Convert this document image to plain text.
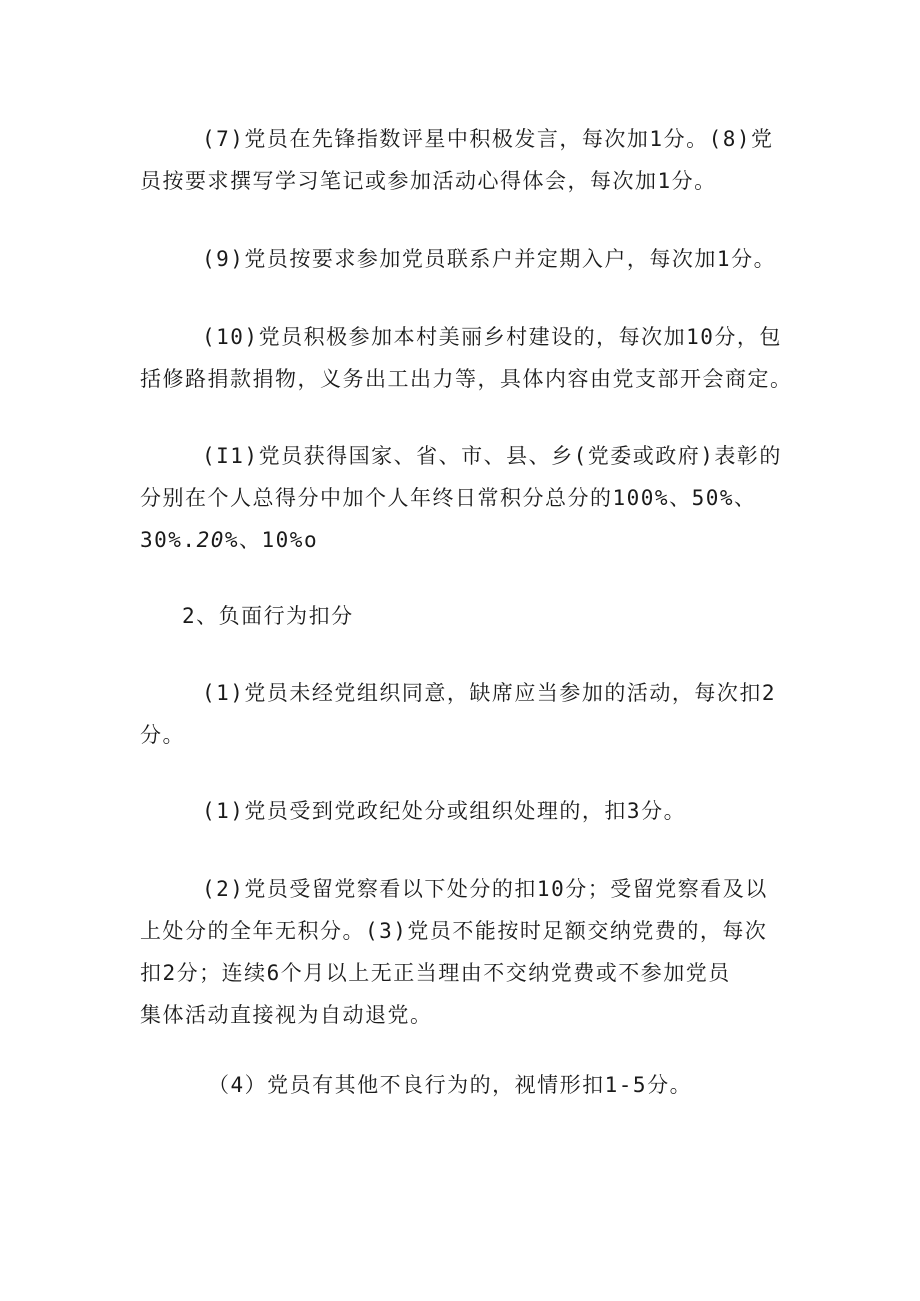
(7)党员在先锋指数评星中积极发言，每次加1分。(8)党
员按要求撰写学习笔记或参加活动心得体会，每次加1分。
(9)党员按要求参加党员联系户并定期入户，每次加1分。
(10)党员积极参加本村美丽乡村建设的，每次加10分，包
括修路捐款捐物，义务出工出力等，具体内容由党支部开会商定。
(I1)党员获得国家、省、市、县、乡(党委或政府)表彰的
分别在个人总得分中加个人年终日常积分总分的100%、50%、
30%.20%、10%o
2、负面行为扣分
(1)党员未经党组织同意，缺席应当参加的活动，每次扣2
分。
(1)党员受到党政纪处分或组织处理的，扣3分。
(2)党员受留党察看以下处分的扣10分；受留党察看及以
上处分的全年无积分。(3)党员不能按时足额交纳党费的，每次
扣2分；连续6个月以上无正当理由不交纳党费或不参加党员
集体活动直接视为自动退党。
（4）党员有其他不良行为的，视情形扣1-5分。
